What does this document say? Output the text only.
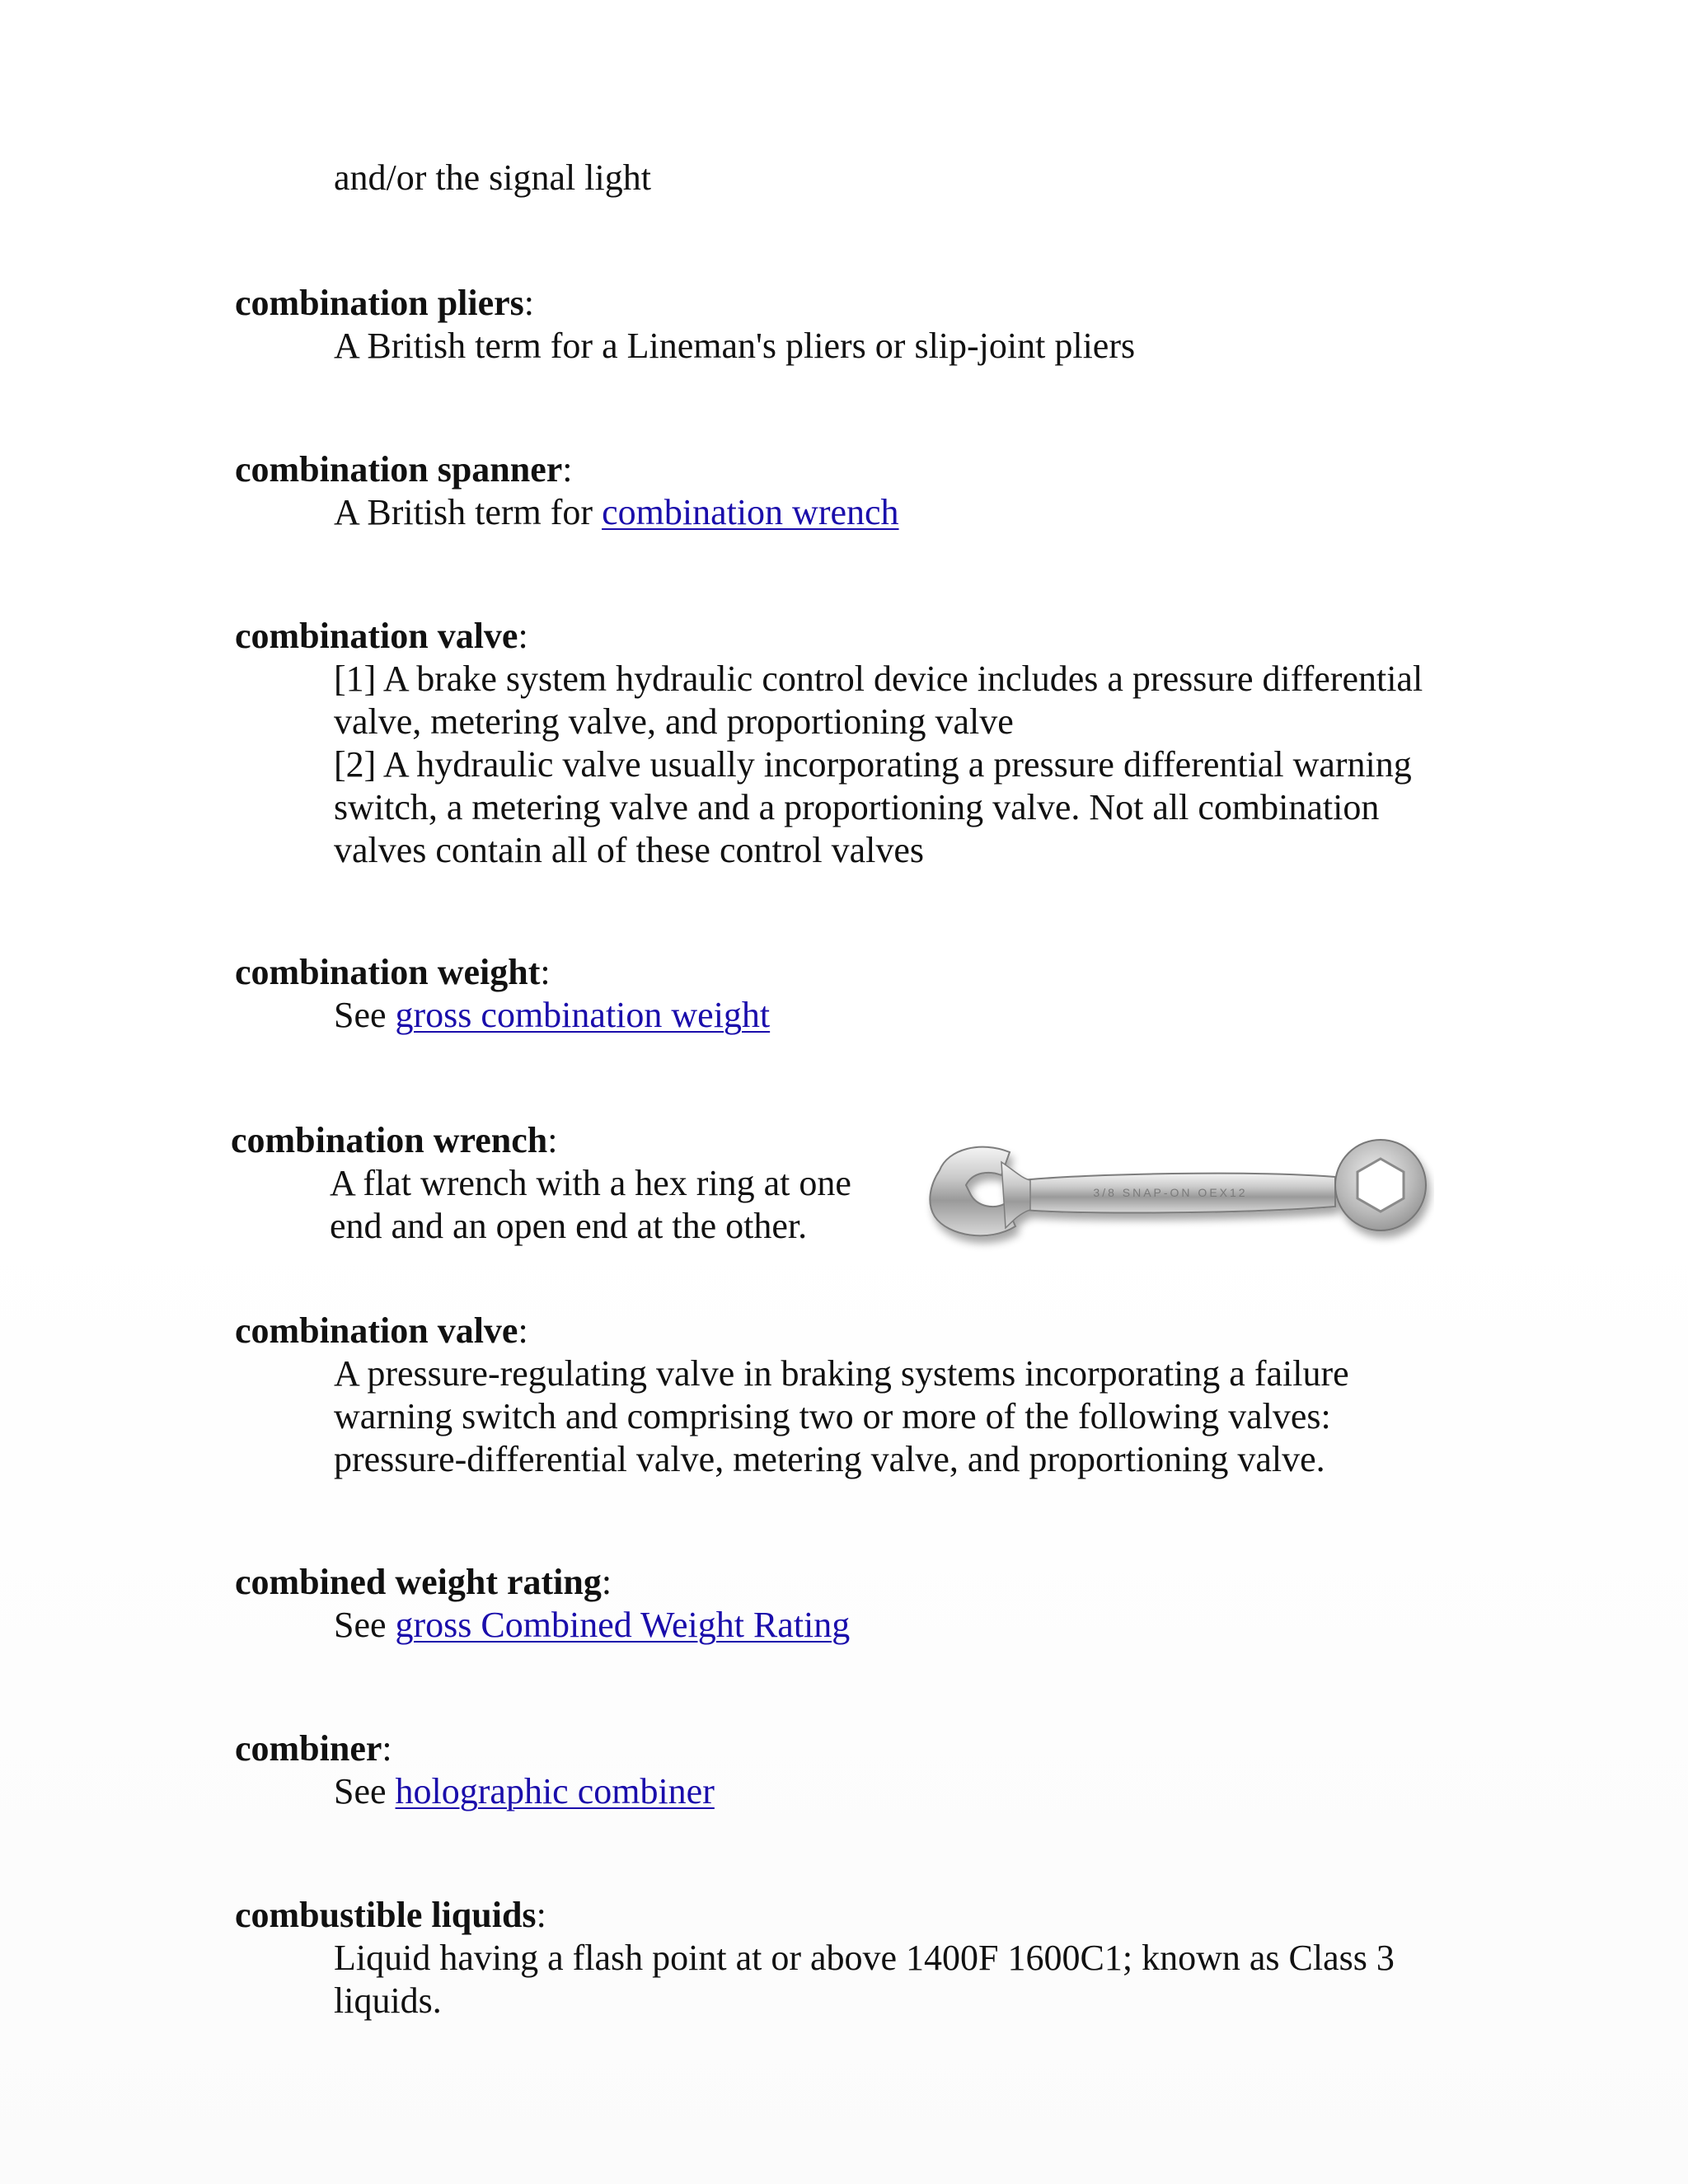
and/or the signal light
combination pliers:

A British term for a Lineman's pliers or slip-joint pliers

combination spanner:

A British term for combination wrench

combination valve:

[1] A brake system hydraulic control device includes a pressure differential valve, metering valve, and proportioning valve

[2] A hydraulic valve usually incorporating a pressure differential warning switch, a metering valve and a proportioning valve. Not all combination valves contain all of these control valves

combination weight:

See gross combination weight

combination wrench:

A flat wrench with a hex ring at one end and an open end at the other.

3/8 SNAP-ON OEX12
combination valve:

A pressure-regulating valve in braking systems incorporating a failure warning switch and comprising two or more of the following valves: pressure-differential valve, metering valve, and proportioning valve.

combined weight rating:

See gross Combined Weight Rating

combiner:

See holographic combiner

combustible liquids:

Liquid having a flash point at or above 1400F 1600C1; known as Class 3 liquids.
